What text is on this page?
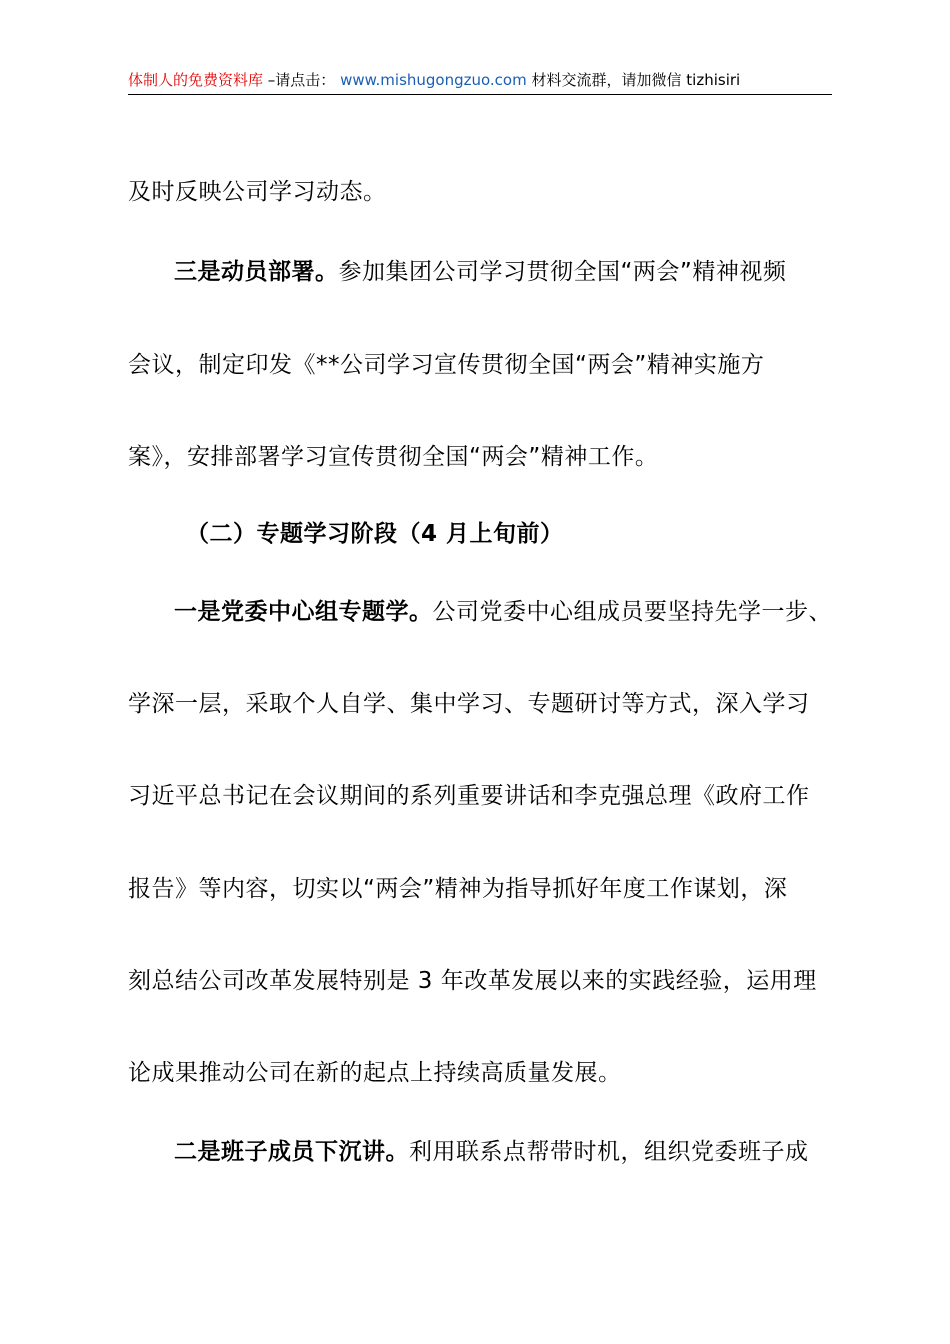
体制人的免费资料库 –请点击： www.mishugongzuo.com 材料交流群，请加微信 tizhisiri
及时反映公司学习动态。
三是动员部署。参加集团公司学习贯彻全国“两会”精神视频
会议，制定印发《**公司学习宣传贯彻全国“两会”精神实施方
案》，安排部署学习宣传贯彻全国“两会”精神工作。
（二）专题学习阶段（4 月上旬前）
一是党委中心组专题学。公司党委中心组成员要坚持先学一步、
学深一层，采取个人自学、集中学习、专题研讨等方式，深入学习
习近平总书记在会议期间的系列重要讲话和李克强总理《政府工作
报告》等内容，切实以“两会”精神为指导抓好年度工作谋划，深
刻总结公司改革发展特别是 3 年改革发展以来的实践经验，运用理
论成果推动公司在新的起点上持续高质量发展。
二是班子成员下沉讲。利用联系点帮带时机，组织党委班子成
